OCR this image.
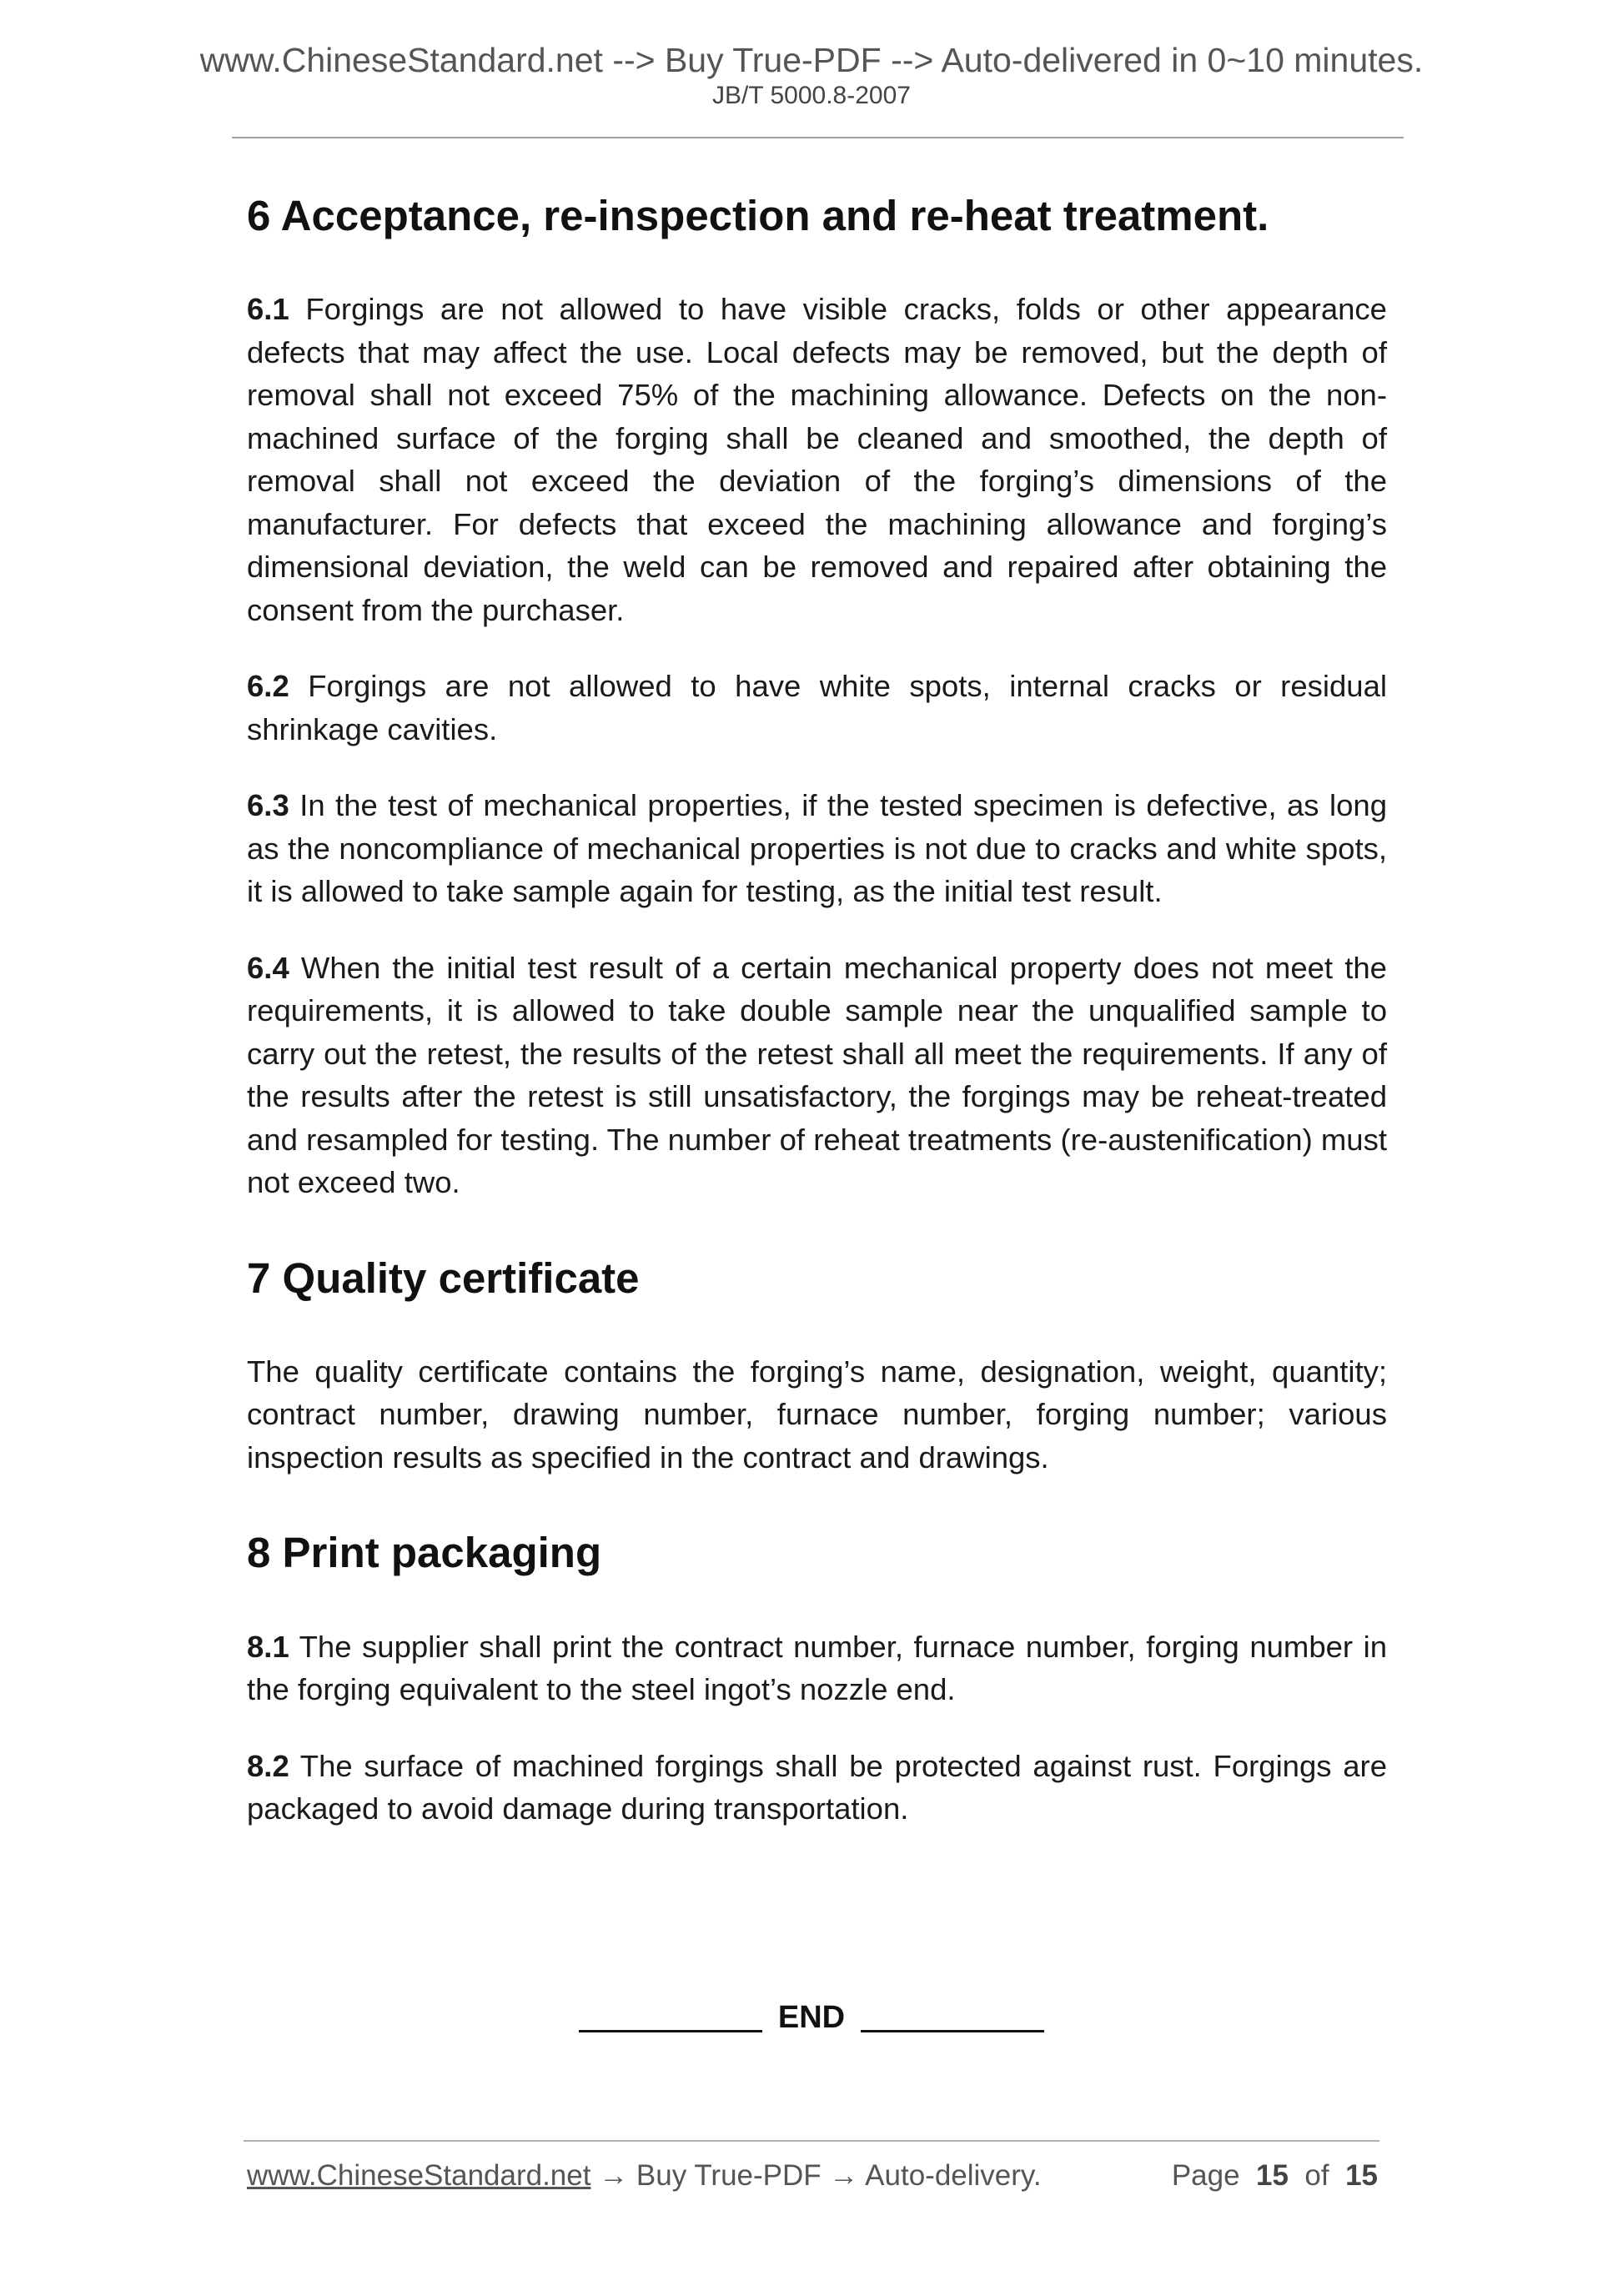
www.ChineseStandard.net --> Buy True-PDF --> Auto-delivered in 0~10 minutes.
JB/T 5000.8-2007
6 Acceptance, re-inspection and re-heat treatment.

6.1 Forgings are not allowed to have visible cracks, folds or other appearance defects that may affect the use. Local defects may be removed, but the depth of removal shall not exceed 75% of the machining allowance. Defects on the non-machined surface of the forging shall be cleaned and smoothed, the depth of removal shall not exceed the deviation of the forging’s dimensions of the manufacturer. For defects that exceed the machining allowance and forging’s dimensional deviation, the weld can be removed and repaired after obtaining the consent from the purchaser.

6.2 Forgings are not allowed to have white spots, internal cracks or residual shrinkage cavities.

6.3 In the test of mechanical properties, if the tested specimen is defective, as long as the noncompliance of mechanical properties is not due to cracks and white spots, it is allowed to take sample again for testing, as the initial test result.

6.4 When the initial test result of a certain mechanical property does not meet the requirements, it is allowed to take double sample near the unqualified sample to carry out the retest, the results of the retest shall all meet the requirements. If any of the results after the retest is still unsatisfactory, the forgings may be reheat-treated and resampled for testing. The number of reheat treatments (re-austenification) must not exceed two.

7 Quality certificate

The quality certificate contains the forging’s name, designation, weight, quantity; contract number, drawing number, furnace number, forging number; various inspection results as specified in the contract and drawings.

8 Print packaging

8.1 The supplier shall print the contract number, furnace number, forging number in the forging equivalent to the steel ingot’s nozzle end.

8.2 The surface of machined forgings shall be protected against rust. Forgings are packaged to avoid damage during transportation.

END
www.ChineseStandard.net → Buy True-PDF → Auto-delivery.	Page 15 of 15
